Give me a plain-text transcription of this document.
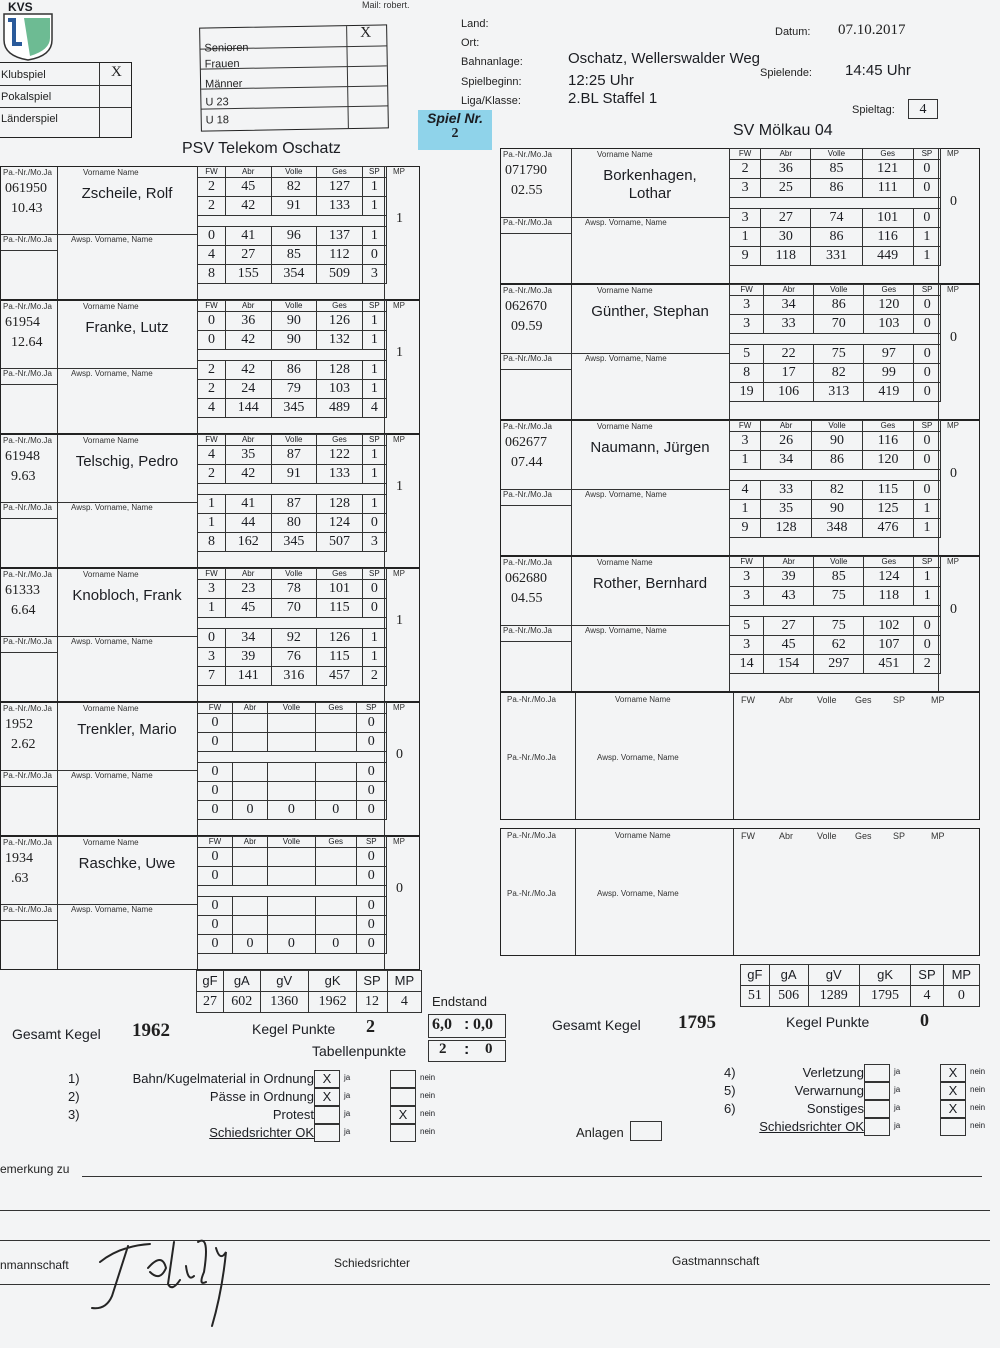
KVS	Mail: robert.
Klubspiel	X
Pokalspiel
Länderspiel
Senioren
X
Frauen
Männer
U 23
U 18
Land:
Ort:
Datum: 07.10.2017
Bahnanlage:	Oschatz, Wellerswalder Weg
Spielbeginn:	12:25 Uhr	Spielende: 14:45 Uhr
Liga/Klasse:	2.BL Staffel 1
Spieltag:	4
Spiel Nr.
2
PSV Telekom Oschatz
SV Mölkau 04
Pa.-Nr./Mo.Ja
061950
10.43
Pa.-Nr./Mo.Ja
Vorname Name
Zscheile, Rolf
Awsp. Vorname, Name
FW	Abr	Volle	Ges	SP
2	45	82	127	1
2	42	91	133	1

0	41	96	137	1
4	27	85	112	0
8	155	354	509	3
MP
1
Pa.-Nr./Mo.Ja
61954
12.64
Pa.-Nr./Mo.Ja
Vorname Name
Franke, Lutz
Awsp. Vorname, Name
FW	Abr	Volle	Ges	SP
0	36	90	126	1
0	42	90	132	1

2	42	86	128	1
2	24	79	103	1
4	144	345	489	4
MP
1
Pa.-Nr./Mo.Ja
61948
9.63
Pa.-Nr./Mo.Ja
Vorname Name
Telschig, Pedro
Awsp. Vorname, Name
FW	Abr	Volle	Ges	SP
4	35	87	122	1
2	42	91	133	1

1	41	87	128	1
1	44	80	124	0
8	162	345	507	3
MP
1
Pa.-Nr./Mo.Ja
61333
6.64
Pa.-Nr./Mo.Ja
Vorname Name
Knobloch, Frank
Awsp. Vorname, Name
FW	Abr	Volle	Ges	SP
3	23	78	101	0
1	45	70	115	0

0	34	92	126	1
3	39	76	115	1
7	141	316	457	2
MP
1
Pa.-Nr./Mo.Ja
1952
2.62
Pa.-Nr./Mo.Ja
Vorname Name
Trenkler, Mario
Awsp. Vorname, Name
FW	Abr	Volle	Ges	SP
0				0
0				0

0				0
0				0
0	0	0	0	0
MP
0
Pa.-Nr./Mo.Ja
1934
.63
Pa.-Nr./Mo.Ja
Vorname Name
Raschke, Uwe
Awsp. Vorname, Name
FW	Abr	Volle	Ges	SP
0				0
0				0

0				0
0				0
0	0	0	0	0
MP
0
Pa.-Nr./Mo.Ja
071790
02.55
Pa.-Nr./Mo.Ja
Vorname Name
Borkenhagen,
Lothar
Awsp. Vorname, Name
FW	Abr	Volle	Ges	SP
2	36	85	121	0
3	25	86	111	0

3	27	74	101	0
1	30	86	116	1
9	118	331	449	1
MP
0
Pa.-Nr./Mo.Ja
062670
09.59
Pa.-Nr./Mo.Ja
Vorname Name
Günther, Stephan
Awsp. Vorname, Name
FW	Abr	Volle	Ges	SP
3	34	86	120	0
3	33	70	103	0

5	22	75	97	0
8	17	82	99	0
19	106	313	419	0
MP
0
Pa.-Nr./Mo.Ja
062677
07.44
Pa.-Nr./Mo.Ja
Vorname Name
Naumann, Jürgen
Awsp. Vorname, Name
FW	Abr	Volle	Ges	SP
3	26	90	116	0
1	34	86	120	0

4	33	82	115	0
1	35	90	125	1
9	128	348	476	1
MP
0
Pa.-Nr./Mo.Ja
062680
04.55
Pa.-Nr./Mo.Ja
Vorname Name
Rother, Bernhard
Awsp. Vorname, Name
FW	Abr	Volle	Ges	SP
3	39	85	124	1
3	43	75	118	1

5	27	75	102	0
3	45	62	107	0
14	154	297	451	2
MP
0
Pa.-Nr./Mo.Ja	Vorname Name
Pa.-Nr./Mo.Ja	Awsp. Vorname, Name
FW	Abr	Volle Ges SP	MP
Pa.-Nr./Mo.Ja	Vorname Name
Pa.-Nr./Mo.Ja	Awsp. Vorname, Name
FW	Abr	Volle Ges SP	MP
gF	gA	gV	gK	SP	MP
27	602	1360	1962	12	4
gF	gA	gV	gK	SP	MP
51	506	1289	1795	4	0
Gesamt Kegel 1962	Kegel Punkte 2
Endstand
6,0 : 0,0
Tabellenpunkte 2 : 0
Gesamt Kegel 1795	Kegel Punkte	0
1)	Bahn/Kugelmaterial in Ordnung X	ja	nein
2)	Pässe in Ordnung X	ja	nein
3)	Protest	ja	X	nein
Schiedsrichter OK	ja	nein
4)	Verletzung	ja	X	nein
5)	Verwarnung	ja	X	nein
6)	Sonstiges	ja	X	nein
Schiedsrichter OK	ja	nein
Anlagen
emerkung zu
nmannschaft	Schiedsrichter	Gastmannschaft
